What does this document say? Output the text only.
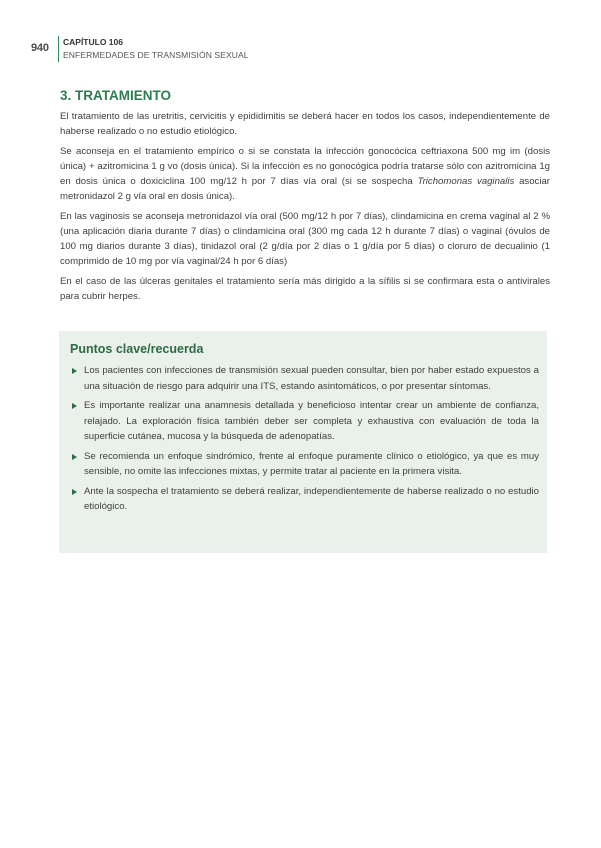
940 CAPÍTULO 106
ENFERMEDADES DE TRANSMISIÓN SEXUAL
3. TRATAMIENTO

El tratamiento de las uretritis, cervicitis y epididimitis se deberá hacer en todos los casos, independientemente de haberse realizado o no estudio etiológico.

Se aconseja en el tratamiento empírico o si se constata la infección gonocócica ceftriaxona 500 mg im (dosis única) + azitromicina 1 g vo (dosis única). Si la infección es no gonocógica podría tratarse sólo con azitromicina 1g en dosis única o doxiciclina 100 mg/12 h por 7 días vía oral (si se sospecha Trichomonas vaginalis asociar metronidazol 2 g vía oral en dosis única).

En las vaginosis se aconseja metronidazol vía oral (500 mg/12 h por 7 días), clindamicina en crema vaginal al 2 % (una aplicación diaria durante 7 días) o clindamicina oral (300 mg cada 12 h durante 7 días) o vaginal (óvulos de 100 mg diarios durante 3 días), tinidazol oral (2 g/día por 2 días o 1 g/día por 5 días) o cloruro de decualinio (1 comprimido de 10 mg por vía vaginal/24 h por 6 días)

En el caso de las úlceras genitales el tratamiento sería más dirigido a la sífilis si se confirmara esta o antivirales para cubrir herpes.

Puntos clave/recuerda
Los pacientes con infecciones de transmisión sexual pueden consultar, bien por haber estado expuestos a una situación de riesgo para adquirir una ITS, estando asintomáticos, o por presentar síntomas.
Es importante realizar una anamnesis detallada y beneficioso intentar crear un ambiente de confianza, relajado. La exploración física también deber ser completa y exhaustiva con evaluación de toda la superficie cutánea, mucosa y la búsqueda de adenopatías.
Se recomienda un enfoque sindrómico, frente al enfoque puramente clínico o etiológico, ya que es muy sensible, no omite las infecciones mixtas, y permite tratar al paciente en la primera visita.
Ante la sospecha el tratamiento se deberá realizar, independientemente de haberse realizado o no estudio etiológico.
